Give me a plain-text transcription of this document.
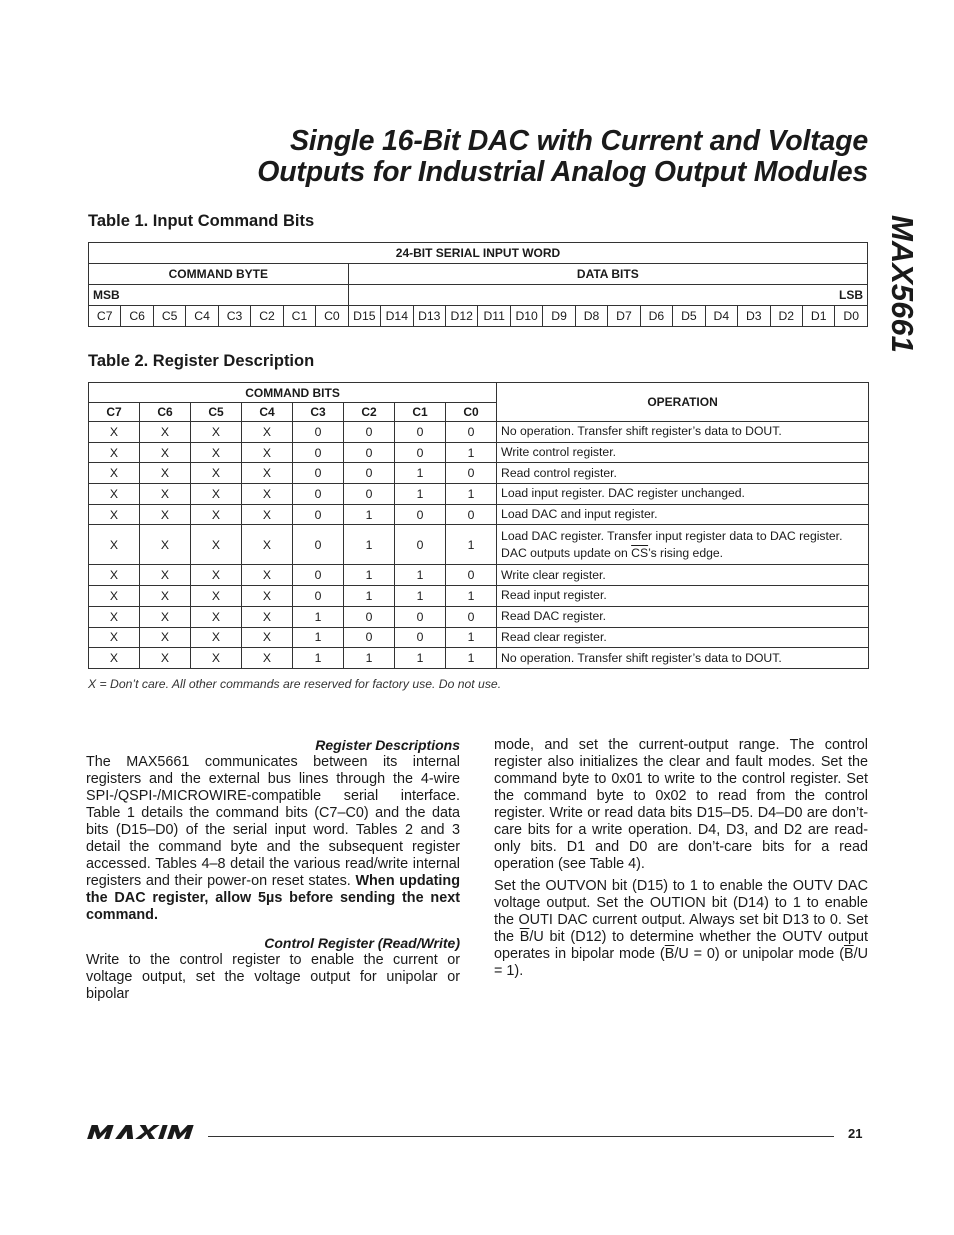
Single 16-Bit DAC with Current and Voltage
Outputs for Industrial Analog Output Modules
MAX5661
Table 1. Input Command Bits
24-BIT SERIAL INPUT WORD																							
COMMAND BYTE								DATA BITS															
MSB								LSB															
C7	C6	C5	C4	C3	C2	C1	C0	D15	D14	D13	D12	D11	D10	D9	D8	D7	D6	D5	D4	D3	D2	D1	D0
Table 2. Register Description
COMMAND BITS								OPERATION
C7	C6	C5	C4	C3	C2	C1	C0	
X	X	X	X	0	0	0	0	No operation. Transfer shift register’s data to DOUT.
X	X	X	X	0	0	0	1	Write control register.
X	X	X	X	0	0	1	0	Read control register.
X	X	X	X	0	0	1	1	Load input register. DAC register unchanged.
X	X	X	X	0	1	0	0	Load DAC and input register.
X	X	X	X	0	1	0	1	Load DAC register. Transfer input register data to DAC register. DAC outputs update on $\overline{CS}’s$ rising edge.
X	X	X	X	0	1	1	0	Write clear register.
X	X	X	X	0	1	1	1	Read input register.
X	X	X	X	1	0	0	0	Read DAC register.
X	X	X	X	1	0	0	1	Read clear register.
X	X	X	X	1	1	1	1	No operation. Transfer shift register’s data to DOUT.
X = Don’t care. All other commands are reserved for factory use. Do not use.

Register Descriptions

The MAX5661 communicates between its internal registers and the external bus lines through the 4-wire SPI-/QSPI-/MICROWIRE-compatible serial interface. Table 1 details the command bits (C7–C0) and the data bits (D15–D0) of the serial input word. Tables 2 and 3 detail the command byte and the subsequent register accessed. Tables 4–8 detail the various read/write internal registers and their power-on reset states. When updating the DAC register, allow 5µs before sending the next command.

Control Register (Read/Write)

Write to the control register to enable the current or voltage output, set the voltage output for unipolar or bipolar

mode, and set the current-output range. The control register also initializes the clear and fault modes. Set the command byte to 0x01 to write to the control register. Set the command byte to 0x02 to read from the control register. Write or read data bits D15–D5. D4–D0 are don’t-care bits for a write operation. D4, D3, and D2 are read-only bits. D1 and D0 are don’t-care bits for a read operation (see Table 4).

Set the OUTVON bit (D15) to 1 to enable the OUTV DAC voltage output. Set the OUTION bit (D14) to 1 to enable the OUTI DAC current output. Always set bit D13 to 0. Set the $\overline{B}/U$ bit (D12) to determine whether the OUTV output operates in bipolar mode $(\overline{B}/U = 0)$ or unipolar mode $(\overline{B}/U = 1)$.

21
